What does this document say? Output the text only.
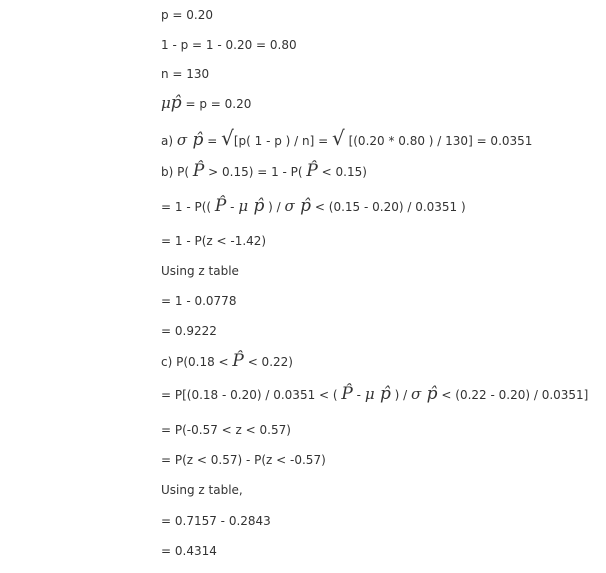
p = 0.20
1 - p = 1 - 0.20 = 0.80
n = 130
μp̂ = p = 0.20
a) σ p̂ = √[p( 1 - p ) / n] = √ [(0.20 * 0.80 ) / 130] = 0.0351
b) P( P̂ > 0.15) = 1 - P( P̂ < 0.15)
= 1 - P(( P̂ - μ p̂ ) / σ p̂ < (0.15 - 0.20) / 0.0351 )
= 1 - P(z < -1.42)
Using z table
= 1 - 0.0778
= 0.9222
c) P(0.18 < P̂ < 0.22)
= P[(0.18 - 0.20) / 0.0351 < ( P̂ - μ p̂ ) / σ p̂ < (0.22 - 0.20) / 0.0351]
= P(-0.57 < z < 0.57)
= P(z < 0.57) - P(z < -0.57)
Using z table,
= 0.7157 - 0.2843
= 0.4314
